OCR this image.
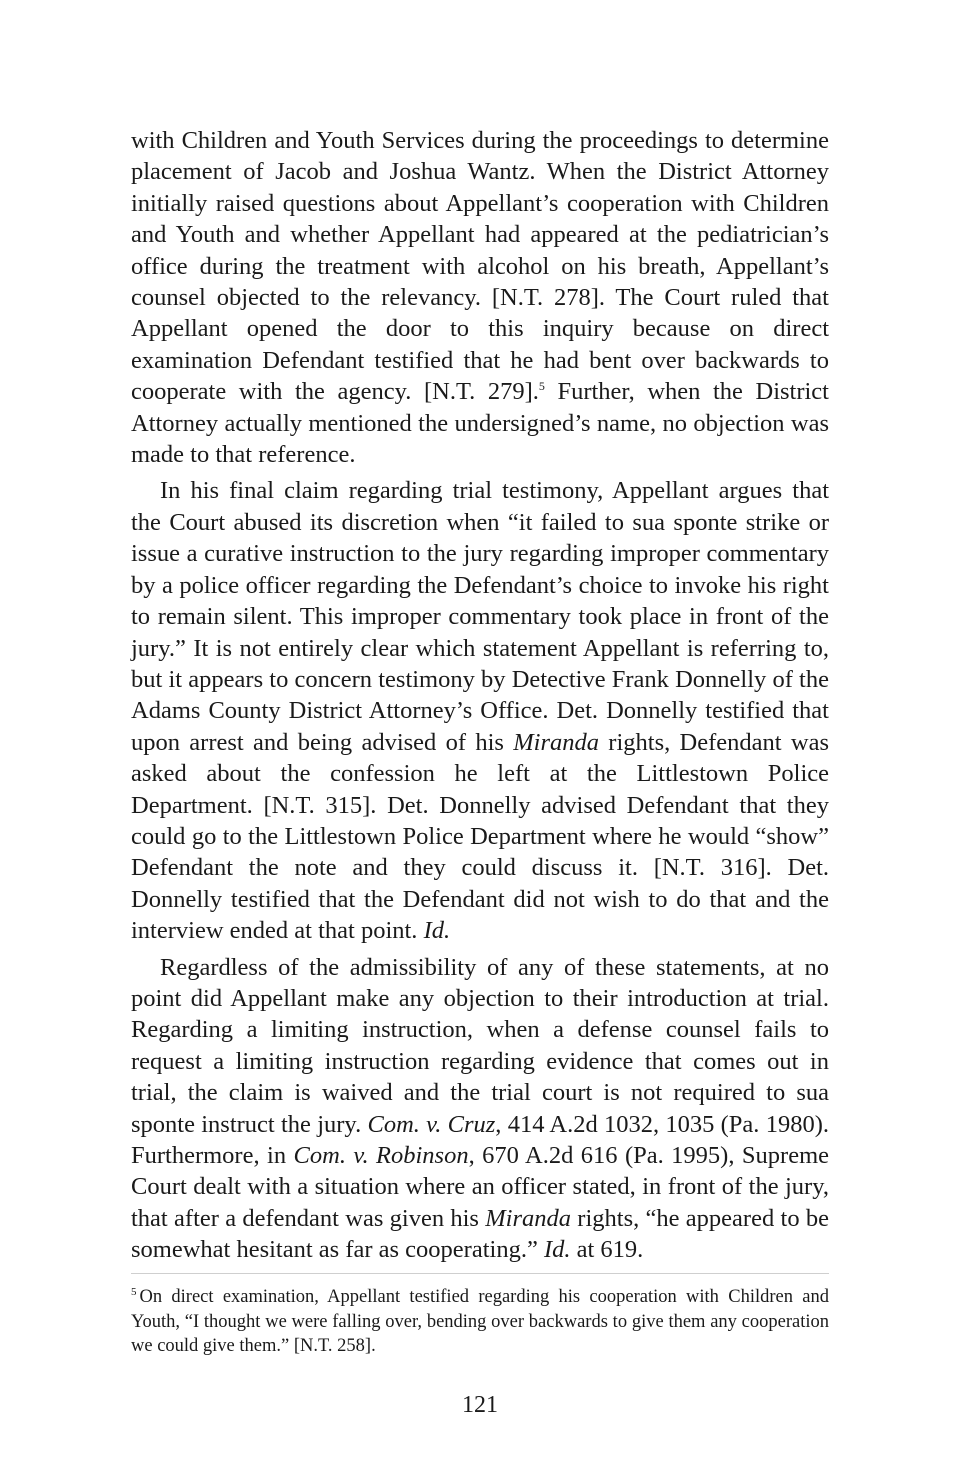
with Children and Youth Services during the proceedings to determine placement of Jacob and Joshua Wantz. When the District Attorney initially raised questions about Appellant’s cooperation with Children and Youth and whether Appellant had appeared at the pediatrician’s office during the treatment with alcohol on his breath, Appellant’s counsel objected to the relevancy. [N.T. 278]. The Court ruled that Appellant opened the door to this inquiry because on direct examination Defendant testified that he had bent over backwards to cooperate with the agency. [N.T. 279].$^5$ Further, when the District Attorney actually mentioned the undersigned’s name, no objection was made to that reference.

In his final claim regarding trial testimony, Appellant argues that the Court abused its discretion when “it failed to sua sponte strike or issue a curative instruction to the jury regarding improper commentary by a police officer regarding the Defendant’s choice to invoke his right to remain silent. This improper commentary took place in front of the jury.” It is not entirely clear which statement Appellant is referring to, but it appears to concern testimony by Detective Frank Donnelly of the Adams County District Attorney’s Office. Det. Donnelly testified that upon arrest and being advised of his Miranda rights, Defendant was asked about the confession he left at the Littlestown Police Department. [N.T. 315]. Det. Donnelly advised Defendant that they could go to the Littlestown Police Department where he would “show” Defendant the note and they could discuss it. [N.T. 316]. Det. Donnelly testified that the Defendant did not wish to do that and the interview ended at that point. Id.

Regardless of the admissibility of any of these statements, at no point did Appellant make any objection to their introduction at trial. Regarding a limiting instruction, when a defense counsel fails to request a limiting instruction regarding evidence that comes out in trial, the claim is waived and the trial court is not required to sua sponte instruct the jury. Com. v. Cruz, 414 A.2d 1032, 1035 (Pa. 1980). Furthermore, in Com. v. Robinson, 670 A.2d 616 (Pa. 1995), Supreme Court dealt with a situation where an officer stated, in front of the jury, that after a defendant was given his Miranda rights, “he appeared to be somewhat hesitant as far as cooperating.” Id. at 619.

$^5$ On direct examination, Appellant testified regarding his cooperation with Children and Youth, “I thought we were falling over, bending over backwards to give them any cooperation we could give them.” [N.T. 258].

121
